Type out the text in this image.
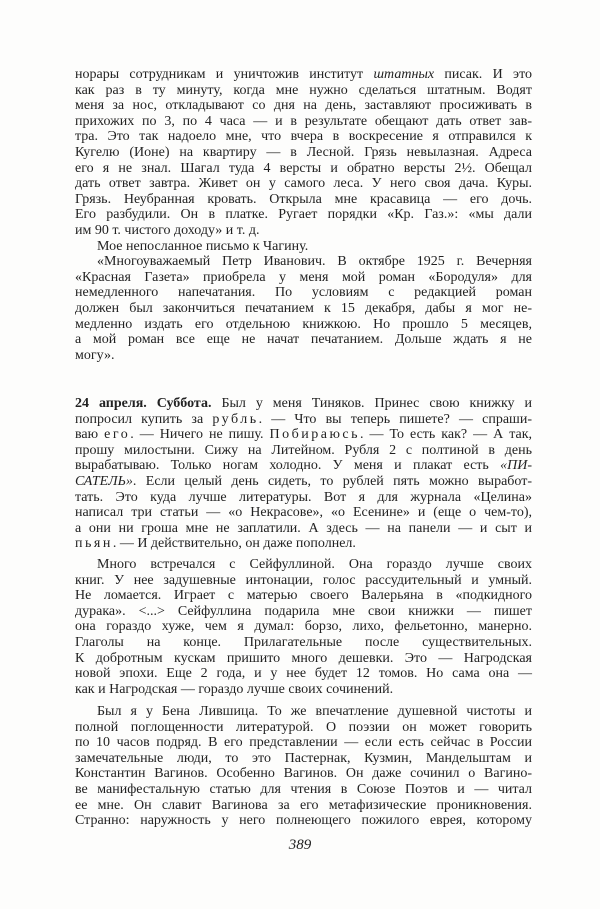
норары сотрудникам и уничтожив институт штатных писак. И это
как раз в ту минуту, когда мне нужно сделаться штатным. Водят
меня за нос, откладывают со дня на день, заставляют просиживать в
прихожих по 3, по 4 часа — и в результате обещают дать ответ зав-
тра. Это так надоело мне, что вчера в воскресение я отправился к
Кугелю (Ионе) на квартиру — в Лесной. Грязь невылазная. Адреса
его я не знал. Шагал туда 4 версты и обратно версты 2½. Обещал
дать ответ завтра. Живет он у самого леса. У него своя дача. Куры.
Грязь. Неубранная кровать. Открыла мне красавица — его дочь.
Его разбудили. Он в платке. Ругает порядки «Кр. Газ.»: «мы дали
им 90 т. чистого доходу» и т. д.
Мое непосланное письмо к Чагину.
«Многоуважаемый Петр Иванович. В октябре 1925 г. Вечерняя
«Красная Газета» приобрела у меня мой роман «Бородуля» для
немедленного напечатания. По условиям с редакцией роман
должен был закончиться печатанием к 15 декабря, дабы я мог не-
медленно издать его отдельною книжкою. Но прошло 5 месяцев,
а мой роман все еще не начат печатанием. Дольше ждать я не
могу».
24 апреля. Суббота. Был у меня Тиняков. Принес свою книжку и
попросил купить за рубль. — Что вы теперь пишете? — спраши-
ваю его. — Ничего не пишу. Побираюсь. — То есть как? — А так,
прошу милостыни. Сижу на Литейном. Рубля 2 с полтиной в день
вырабатываю. Только ногам холодно. У меня и плакат есть «ПИ-
САТЕЛЬ». Если целый день сидеть, то рублей пять можно выработ-
тать. Это куда лучше литературы. Вот я для журнала «Целина»
написал три статьи — «о Некрасове», «о Есенине» и (еще о чем-то),
а они ни гроша мне не заплатили. А здесь — на панели — и сыт и
пьян. — И действительно, он даже пополнел.
Много встречался с Сейфуллиной. Она гораздо лучше своих
книг. У нее задушевные интонации, голос рассудительный и умный.
Не ломается. Играет с матерью своего Валерьяна в «подкидного
дурака». <...> Сейфуллина подарила мне свои книжки — пишет
она гораздо хуже, чем я думал: борзо, лихо, фельетонно, манерно.
Глаголы на конце. Прилагательные после существительных.
К добротным кускам пришито много дешевки. Это — Нагродская
новой эпохи. Еще 2 года, и у нее будет 12 томов. Но сама она —
как и Нагродская — гораздо лучше своих сочинений.
Был я у Бена Лившица. То же впечатление душевной чистоты и
полной поглощенности литературой. О поэзии он может говорить
по 10 часов подряд. В его представлении — если есть сейчас в России
замечательные люди, то это Пастернак, Кузмин, Мандельштам и
Константин Вагинов. Особенно Вагинов. Он даже сочинил о Вагино-
ве манифестальную статью для чтения в Союзе Поэтов и — читал
ее мне. Он славит Вагинова за его метафизические проникновения.
Странно: наружность у него полнеющего пожилого еврея, которому
389
